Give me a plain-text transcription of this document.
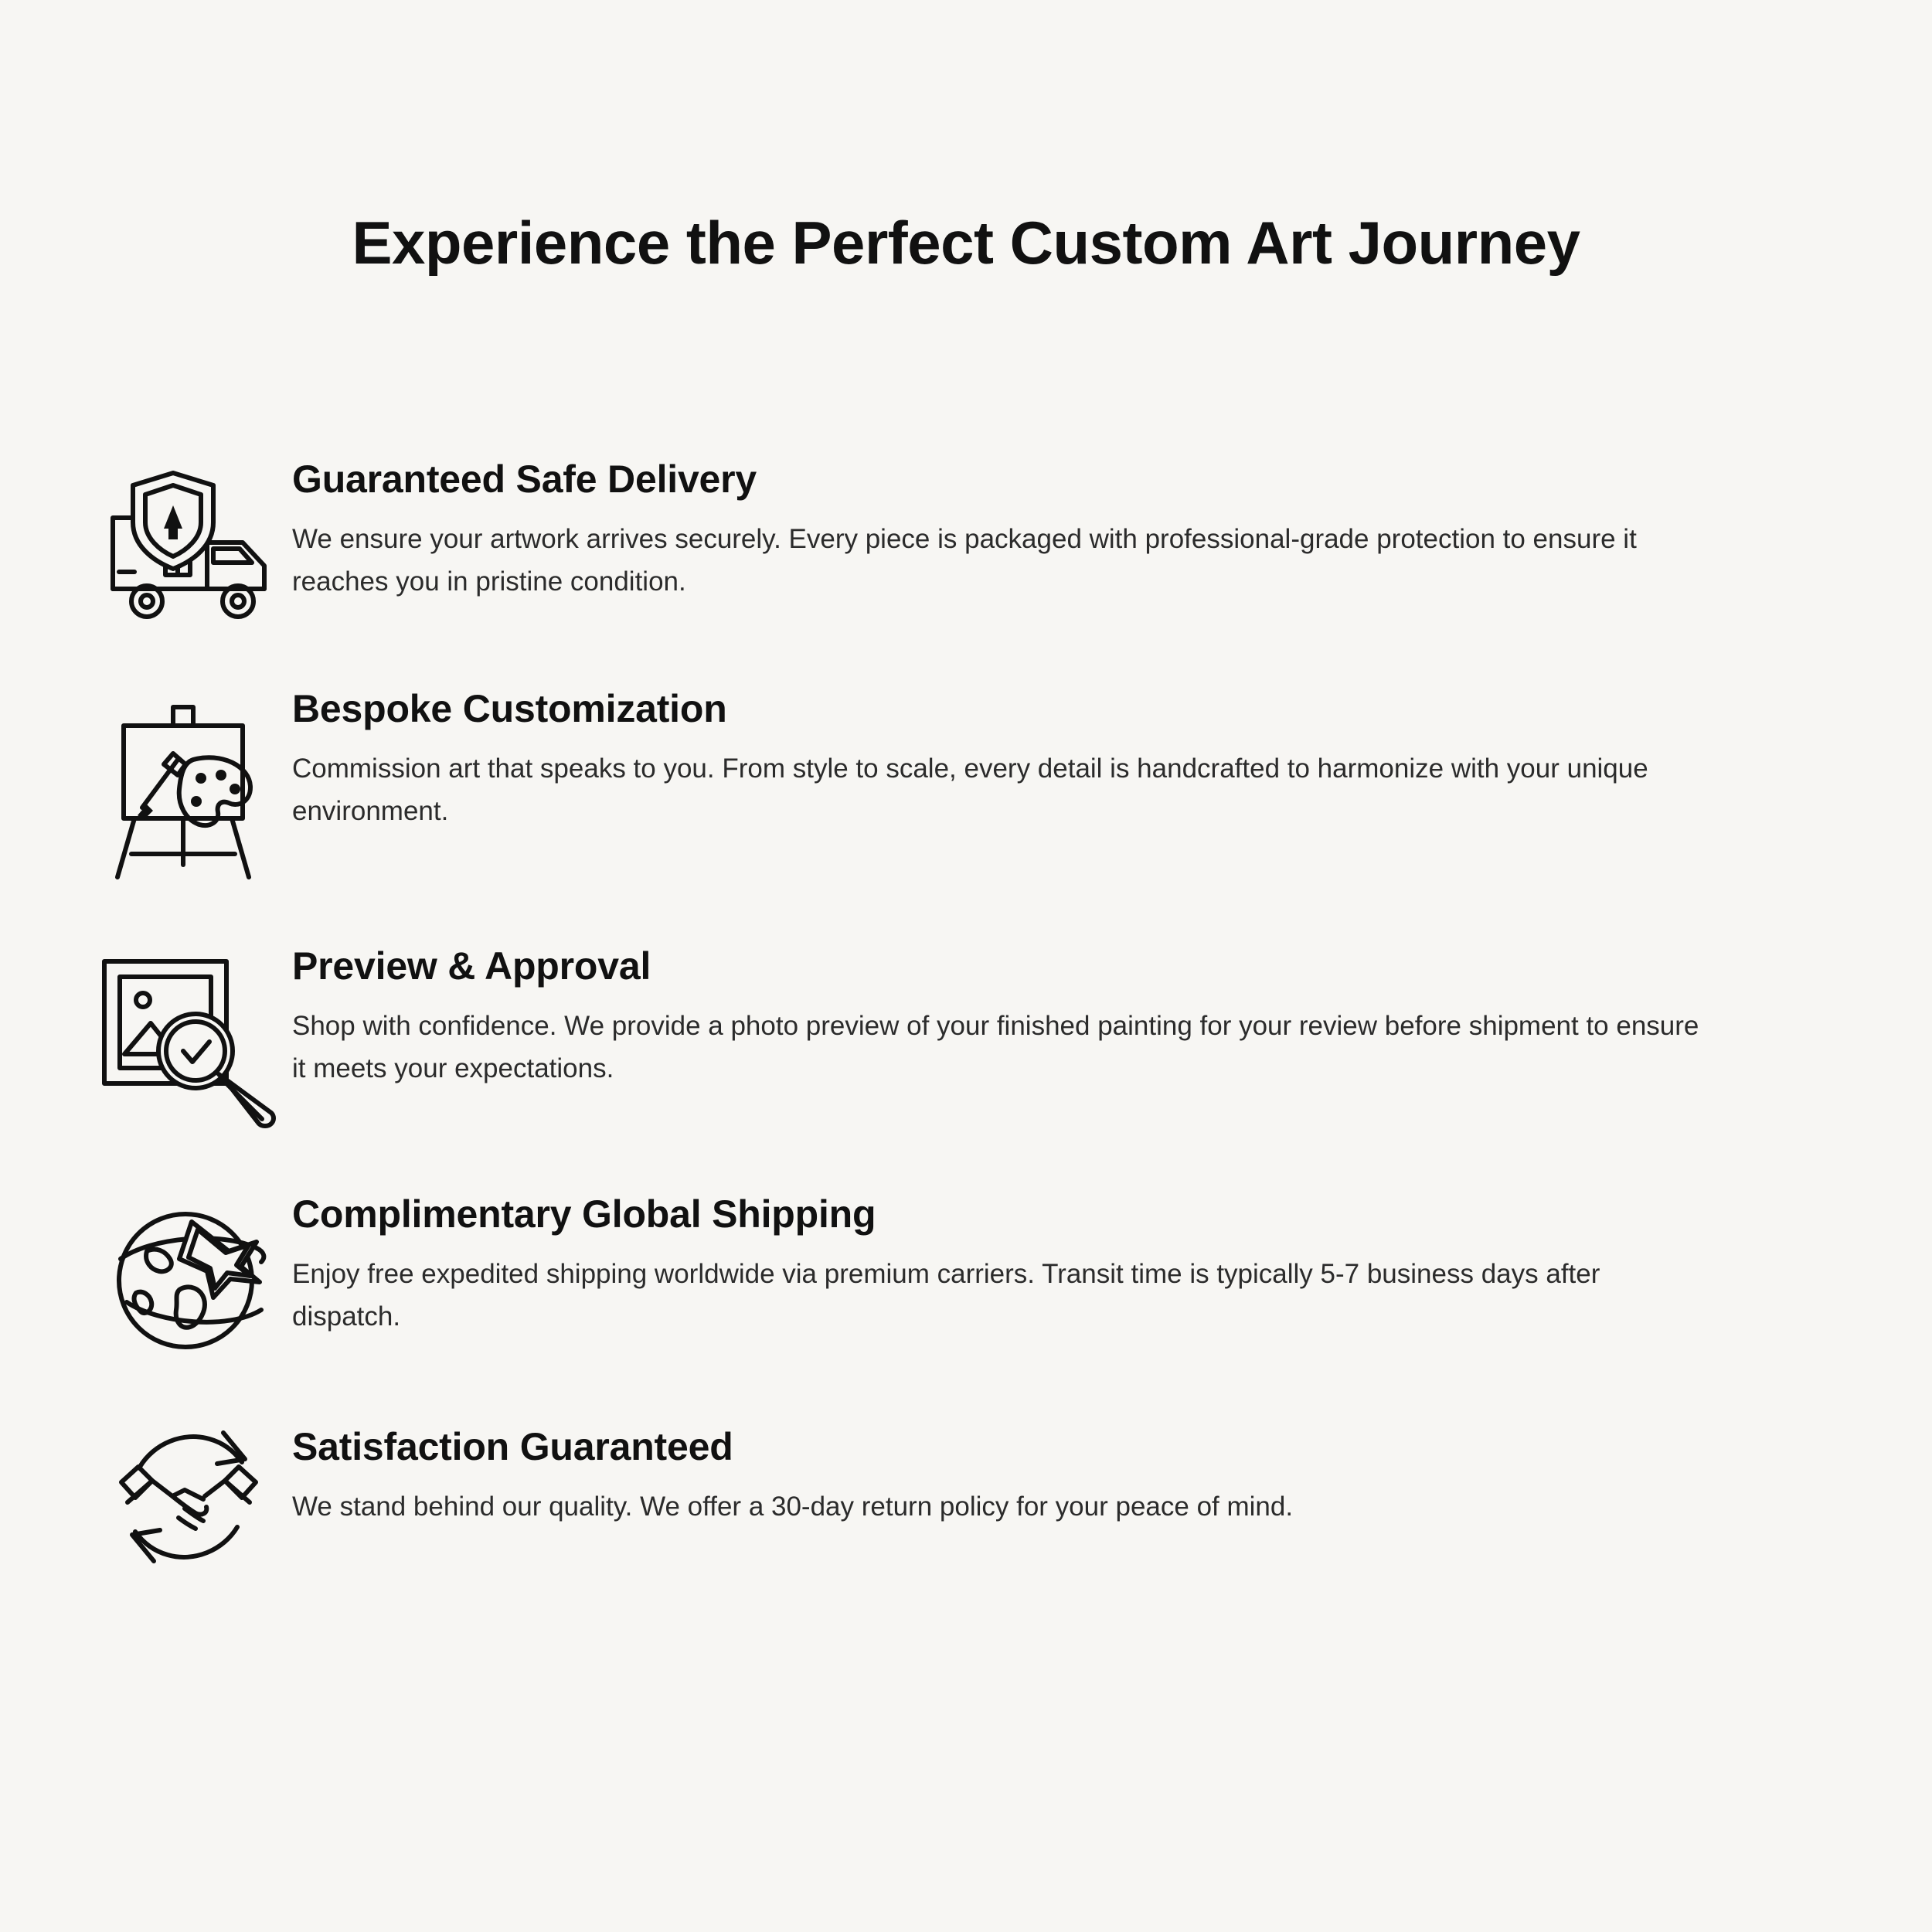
Experience the Perfect Custom Art Journey
Guaranteed Safe Delivery
We ensure your artwork arrives securely. Every piece is packaged with professional-grade protection to ensure it reaches you in pristine condition.
Bespoke Customization
Commission art that speaks to you. From style to scale, every detail is handcrafted to harmonize with your unique environment.
Preview & Approval
Shop with confidence. We provide a photo preview of your finished painting for your review before shipment to ensure it meets your expectations.
Complimentary Global Shipping
Enjoy free expedited shipping worldwide via premium carriers. Transit time is typically 5-7 business days after dispatch.
Satisfaction Guaranteed
We stand behind our quality. We offer a 30-day return policy for your peace of mind.
